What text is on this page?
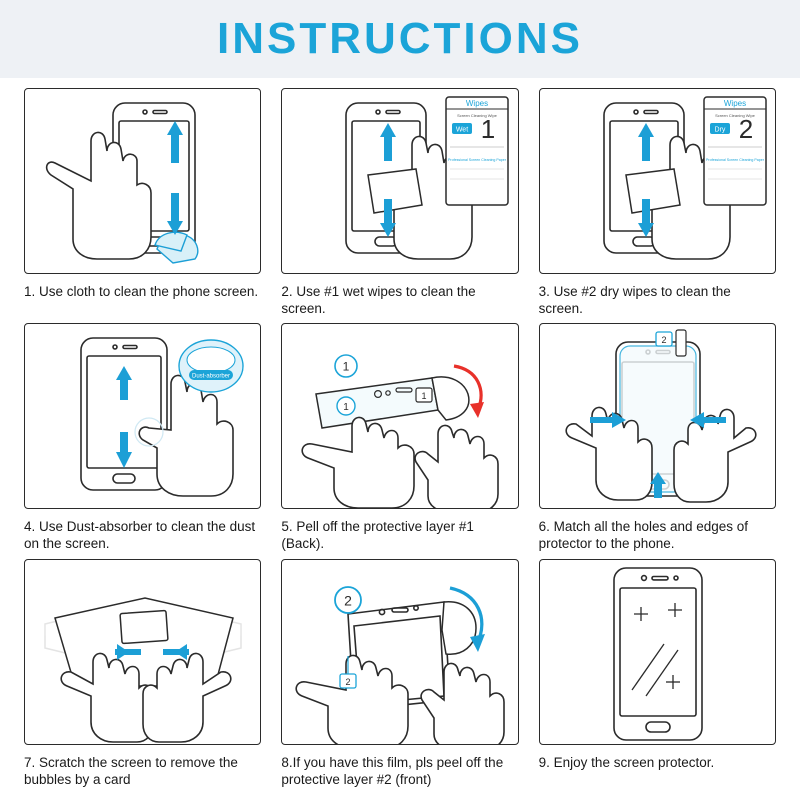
INSTRUCTIONS
1. Use cloth to clean the phone screen.
Wipes
Screen Cleaning Wipe
Wet 1
Professional Screen Cleaning Paper
2. Use #1 wet wipes to clean the screen.
Wipes
Screen Cleaning Wipe
Dry 2
Professional Screen Cleaning Paper
3. Use #2 dry wipes to clean the screen.
Dust-absorber
4. Use Dust-absorber to clean the dust on the screen.
1
1
1
5. Pell off the protective layer #1 (Back).
2
6. Match all the holes and edges of protector to the phone.
7. Scratch the screen to remove the bubbles by a card
2
2
8.If you have this film, pls peel off the protective layer #2 (front)
9. Enjoy the screen protector.
